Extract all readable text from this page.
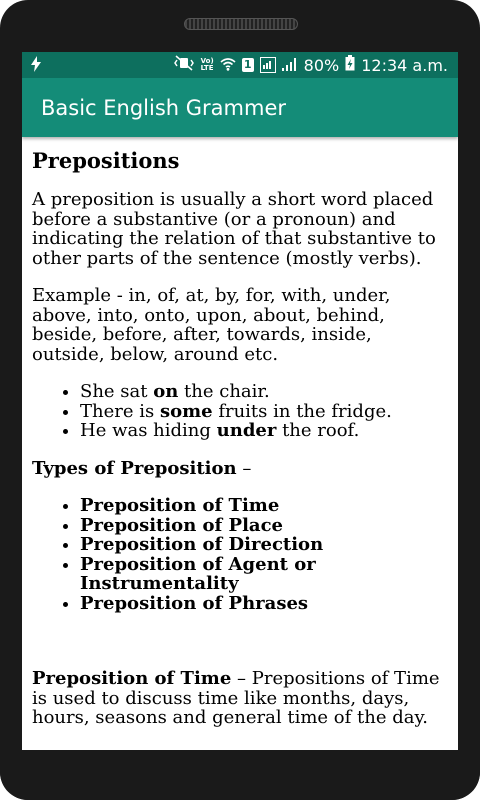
Vo)
LTE	1	80% 12:34 a.m.
Basic English Grammer
Prepositions

A preposition is usually a short word placed before a substantive (or a pronoun) and indicating the relation of that substantive to other parts of the sentence (mostly verbs).

Example - in, of, at, by, for, with, under, above, into, onto, upon, about, behind, beside, before, after, towards, inside, outside, below, around etc.

• She sat on the chair.
• There is some fruits in the fridge.
• He was hiding under the roof.

Types of Preposition –

• Preposition of Time
• Preposition of Place
• Preposition of Direction
• Preposition of Agent or Instrumentality
• Preposition of Phrases

Preposition of Time – Prepositions of Time is used to discuss time like months, days, hours, seasons and general time of the day.
